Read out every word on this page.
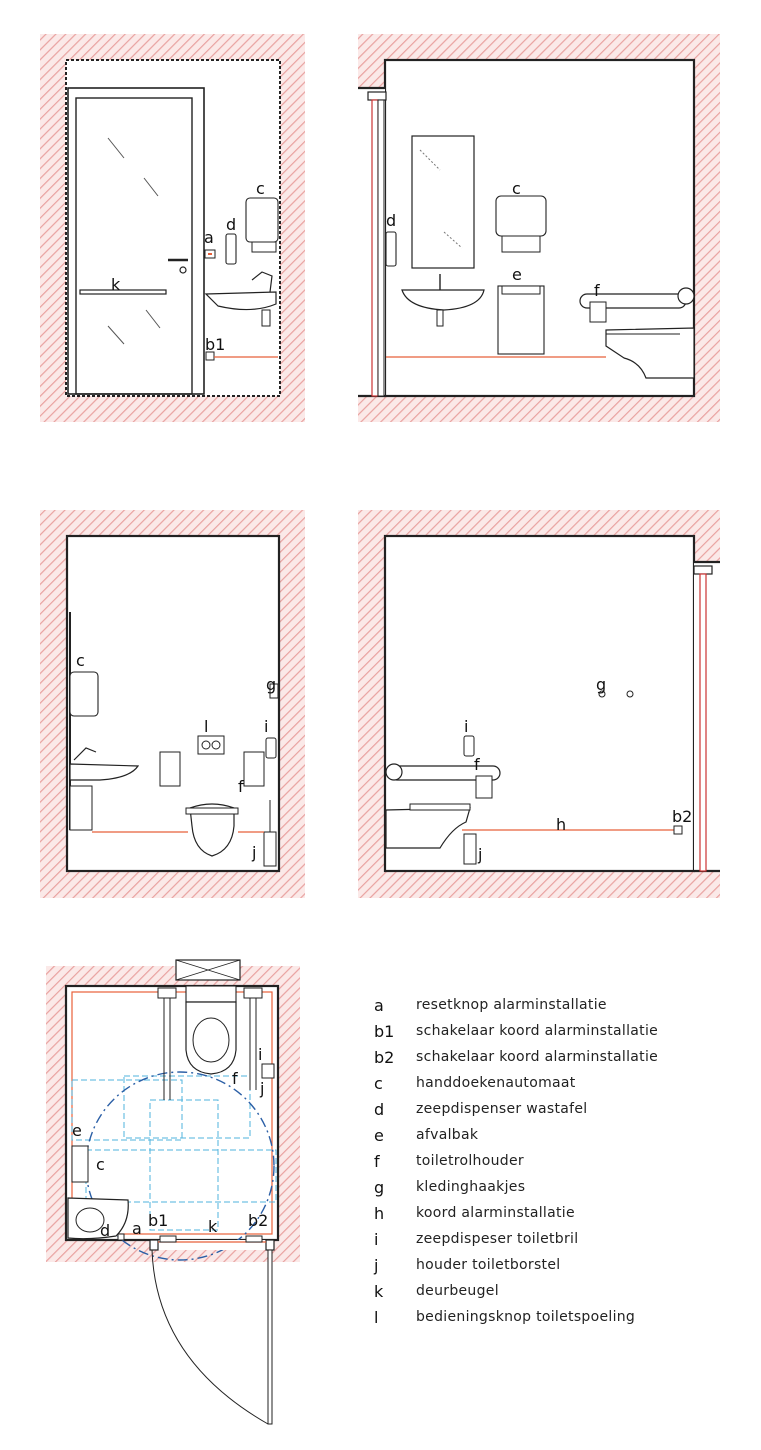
k
a
d
c
b1
d
c
e
f
c
l	i
g
f
j
g
i
f
h	b2
j
e
c
f
i
j
d a b1 k b2
a	resetknop alarminstallatie
b1	schakelaar koord alarminstallatie
b2	schakelaar koord alarminstallatie
c	handdoekenautomaat
d	zeepdispenser wastafel
e	afvalbak
f	toiletrolhouder
g	kledinghaakjes
h	koord alarminstallatie
i	zeepdispeser toiletbril
j	houder toiletborstel
k	deurbeugel
l	bedieningsknop toiletspoeling
